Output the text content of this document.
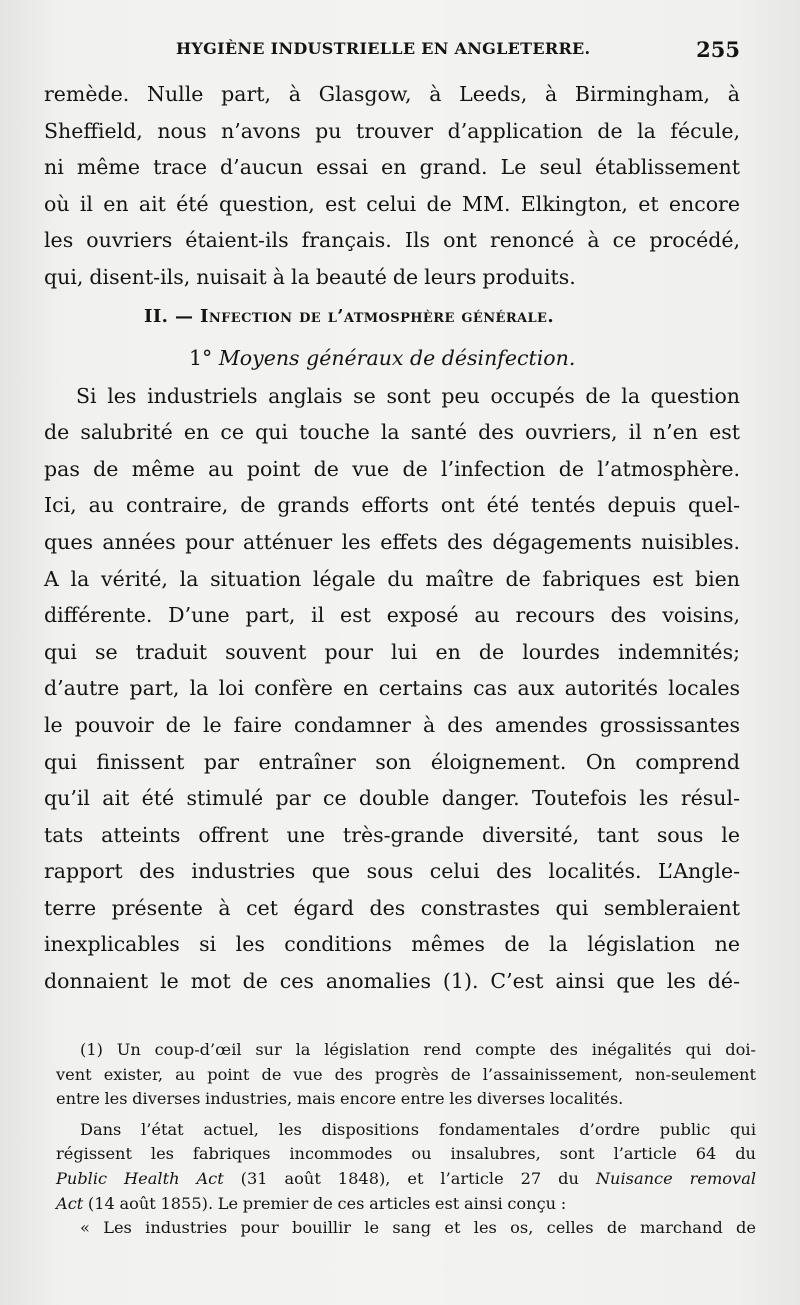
HYGIÈNE INDUSTRIELLE EN ANGLETERRE.	255
remède. Nulle part, à Glasgow, à Leeds, à Birmingham, à
Sheffield, nous n’avons pu trouver d’application de la fécule,
ni même trace d’aucun essai en grand. Le seul établissement
où il en ait été question, est celui de MM. Elkington, et encore
les ouvriers étaient-ils français. Ils ont renoncé à ce procédé,
qui, disent-ils, nuisait à la beauté de leurs produits.
II. — Infection de l’atmosphère générale.
1° Moyens généraux de désinfection.
Si les industriels anglais se sont peu occupés de la question
de salubrité en ce qui touche la santé des ouvriers, il n’en est
pas de même au point de vue de l’infection de l’atmosphère.
Ici, au contraire, de grands efforts ont été tentés depuis quel-
ques années pour atténuer les effets des dégagements nuisibles.
A la vérité, la situation légale du maître de fabriques est bien
différente. D’une part, il est exposé au recours des voisins,
qui se traduit souvent pour lui en de lourdes indemnités;
d’autre part, la loi confère en certains cas aux autorités locales
le pouvoir de le faire condamner à des amendes grossissantes
qui finissent par entraîner son éloignement. On comprend
qu’il ait été stimulé par ce double danger. Toutefois les résul-
tats atteints offrent une très-grande diversité, tant sous le
rapport des industries que sous celui des localités. L’Angle-
terre présente à cet égard des constrastes qui sembleraient
inexplicables si les conditions mêmes de la législation ne
donnaient le mot de ces anomalies (1). C’est ainsi que les dé-
(1) Un coup-d’œil sur la législation rend compte des inégalités qui doi-
vent exister, au point de vue des progrès de l’assainissement, non-seulement
entre les diverses industries, mais encore entre les diverses localités.
Dans l’état actuel, les dispositions fondamentales d’ordre public qui
régissent les fabriques incommodes ou insalubres, sont l’article 64 du
Public Health Act (31 août 1848), et l’article 27 du Nuisance removal
Act (14 août 1855). Le premier de ces articles est ainsi conçu :
« Les industries pour bouillir le sang et les os, celles de marchand de
